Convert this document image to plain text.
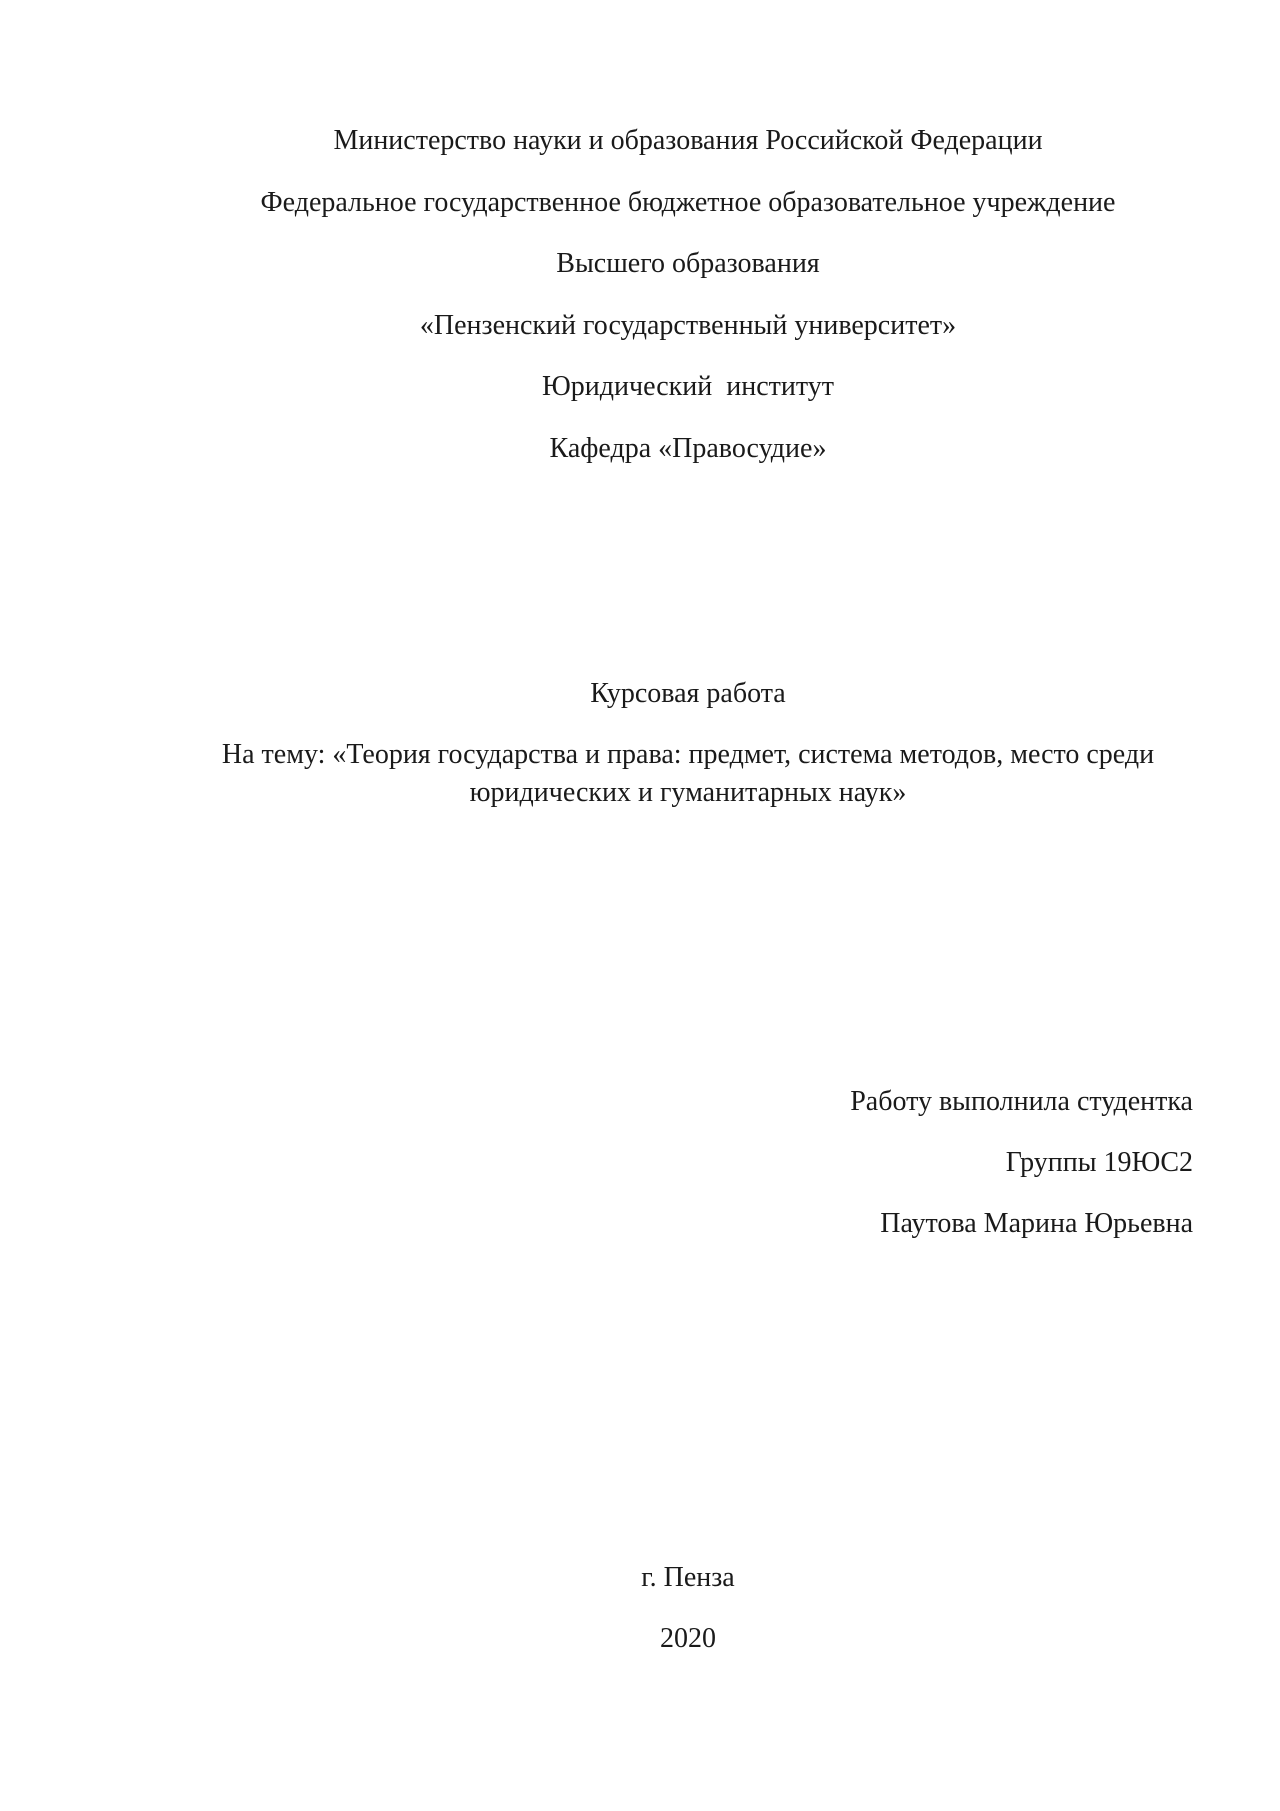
Министерство науки и образования Российской Федерации
Федеральное государственное бюджетное образовательное учреждение
Высшего образования
«Пензенский государственный университет»
Юридический  институт
Кафедра «Правосудие»
Курсовая работа
На тему: «Теория государства и права: предмет, система методов, место среди
юридических и гуманитарных наук»
Работу выполнила студентка
Группы 19ЮС2
Паутова Марина Юрьевна
г. Пенза
2020
